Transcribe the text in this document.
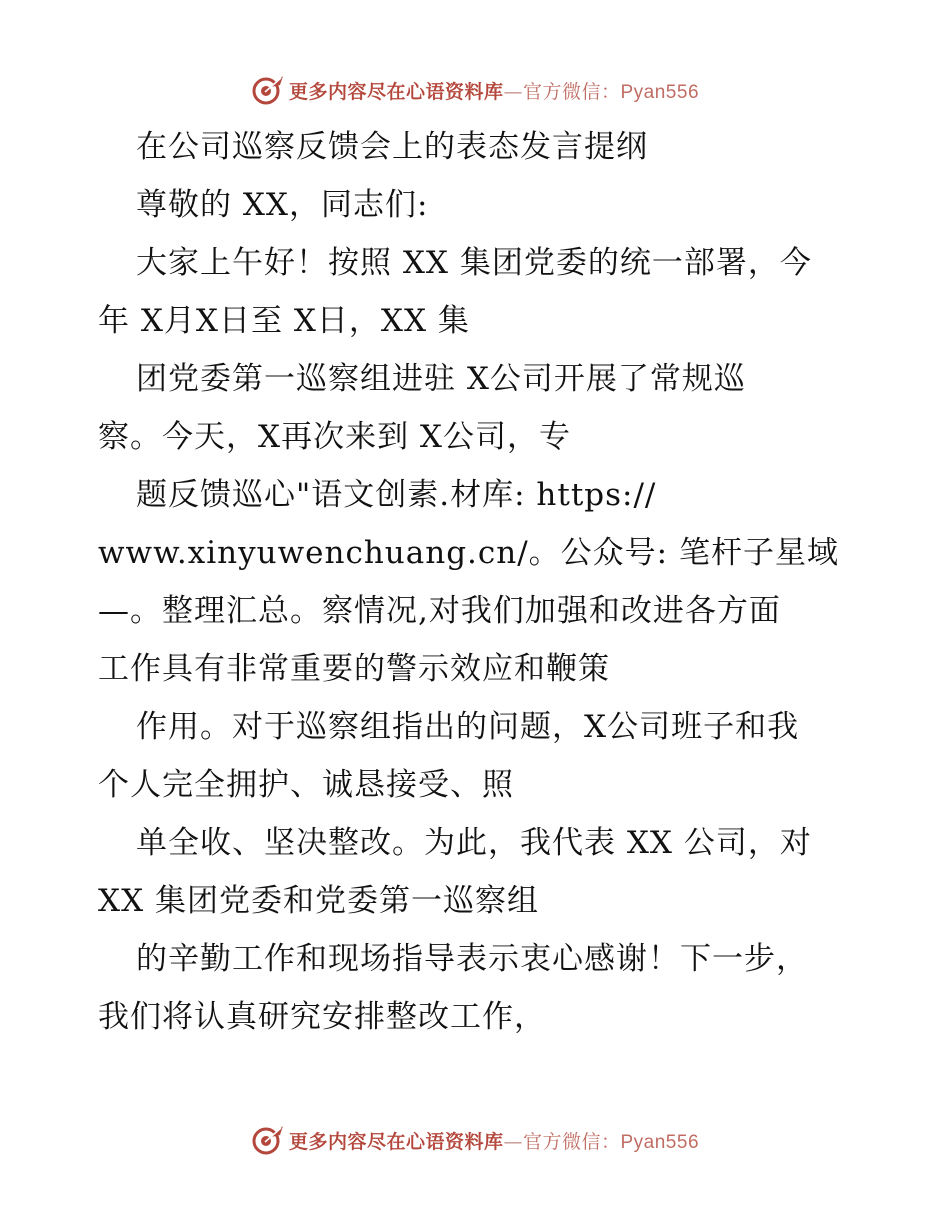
更多内容尽在心语资料库—官方微信：Pyan556
在公司巡察反馈会上的表态发言提纲
尊敬的 XX，同志们:
大家上午好！按照 XX 集团党委的统一部署，今
年 X月X日至 X日，XX 集
团党委第一巡察组进驻 X公司开展了常规巡
察。今天，X再次来到 X公司，专
题反馈巡心"语文创素.材库: https://
www.xinyuwenchuang.cn/。公众号: 笔杆子星域
—。整理汇总。察情况,对我们加强和改进各方面
工作具有非常重要的警示效应和鞭策
作用。对于巡察组指出的问题，X公司班子和我
个人完全拥护、诚恳接受、照
单全收、坚决整改。为此，我代表 XX 公司，对
XX 集团党委和党委第一巡察组
的辛勤工作和现场指导表示衷心感谢！下一步，
我们将认真研究安排整改工作，
更多内容尽在心语资料库—官方微信：Pyan556
